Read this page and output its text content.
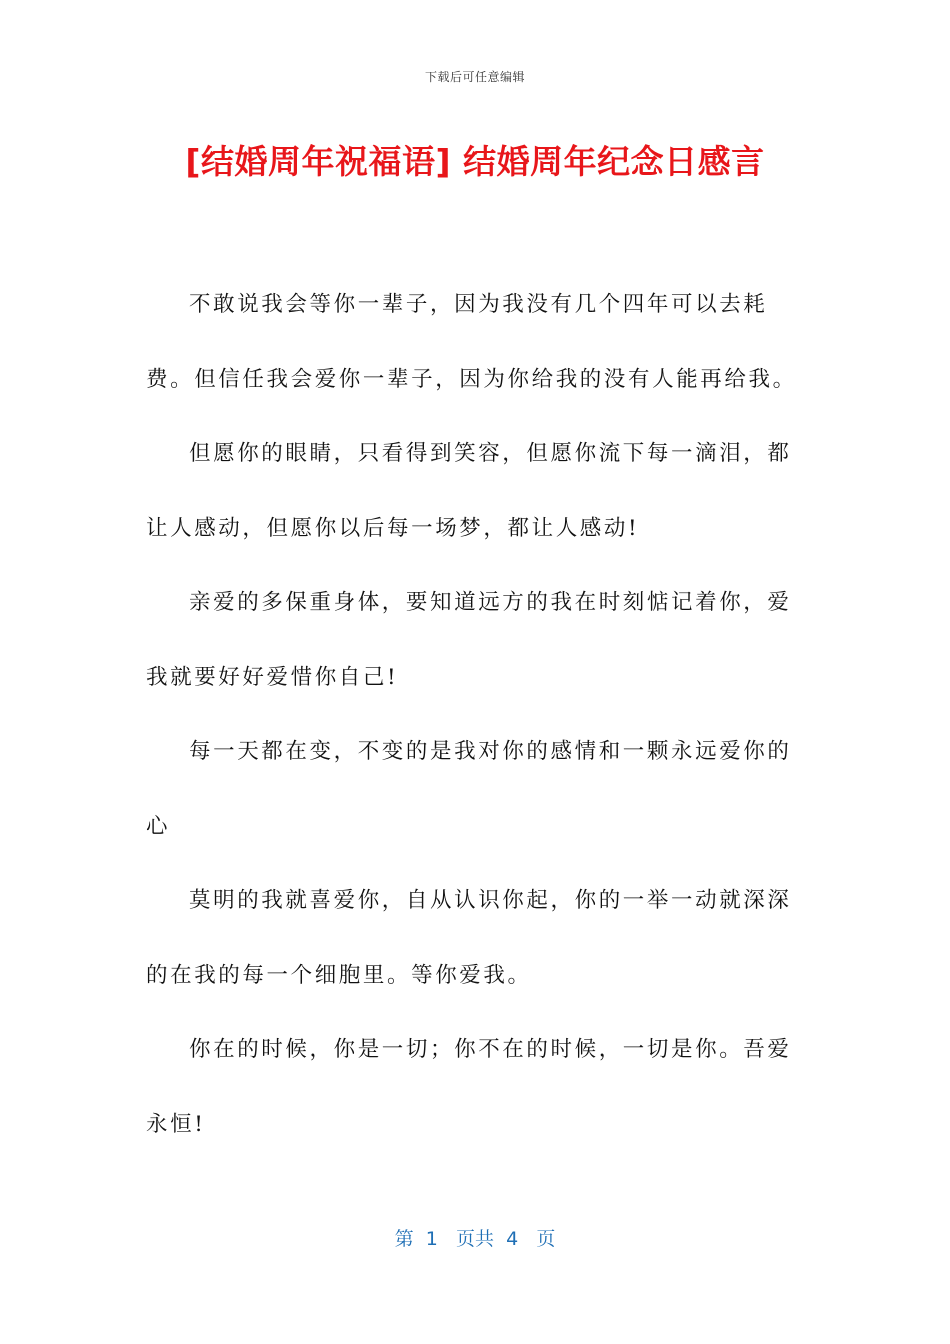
下载后可任意编辑
[结婚周年祝福语] 结婚周年纪念日感言

不敢说我会等你一辈子，因为我没有几个四年可以去耗费。但信任我会爱你一辈子，因为你给我的没有人能再给我。

但愿你的眼睛，只看得到笑容，但愿你流下每一滴泪，都让人感动，但愿你以后每一场梦，都让人感动!

亲爱的多保重身体，要知道远方的我在时刻惦记着你，爱我就要好好爱惜你自己!

每一天都在变，不变的是我对你的感情和一颗永远爱你的心

莫明的我就喜爱你，自从认识你起，你的一举一动就深深的在我的每一个细胞里。等你爱我。

你在的时候，你是一切；你不在的时候，一切是你。吾爱永恒!

第 1 页共 4 页
